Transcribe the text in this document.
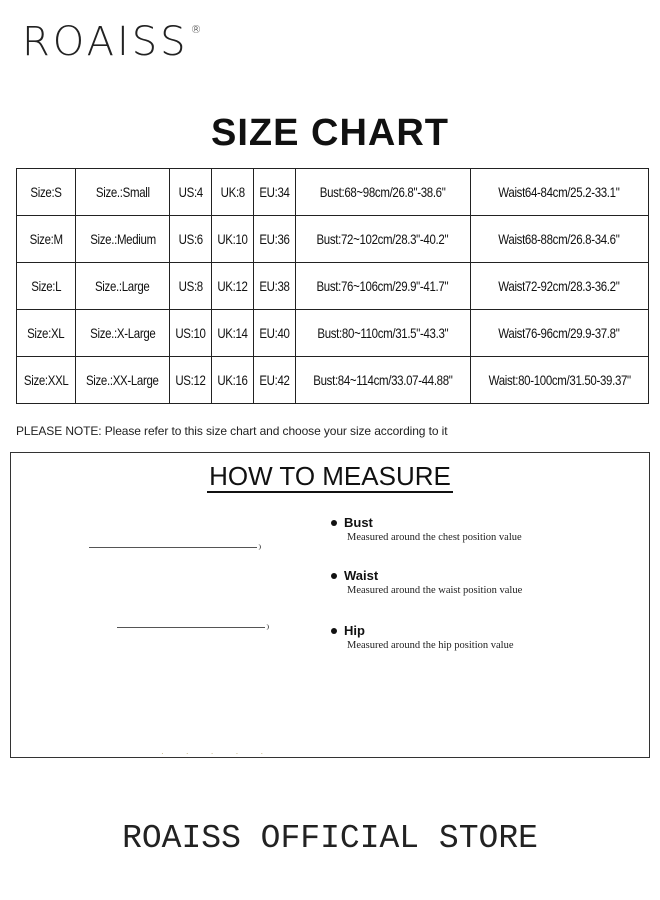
ROAISS ®
SIZE CHART
Size:S	Size.:Small	US:4	UK:8	EU:34	Bust:68~98cm/26.8"-38.6"	Waist64-84cm/25.2-33.1"
Size:M	Size.:Medium	US:6	UK:10	EU:36	Bust:72~102cm/28.3"-40.2"	Waist68-88cm/26.8-34.6"
Size:L	Size.:Large	US:8	UK:12	EU:38	Bust:76~106cm/29.9"-41.7"	Waist72-92cm/28.3-36.2"
Size:XL	Size.:X-Large	US:10	UK:14	EU:40	Bust:80~110cm/31.5"-43.3"	Waist76-96cm/29.9-37.8"
Size:XXL	Size.:XX-Large	US:12	UK:16	EU:42	Bust:84~114cm/33.07-44.88"	Waist:80-100cm/31.50-39.37"
PLEASE NOTE: Please refer to this size chart and choose your size according to it
HOW TO MEASURE
Bust
Measured around the chest position value
Waist
Measured around the waist position value
Hip
Measured around the hip position value
· · · · ·
ROAISS OFFICIAL STORE
